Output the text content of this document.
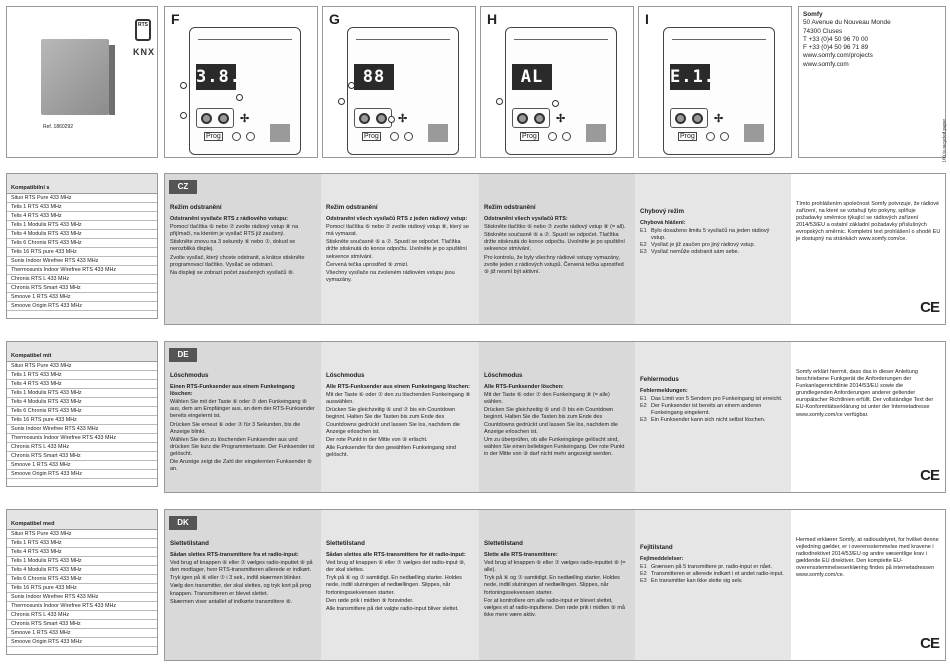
RTS
KNX
Ref. 1860292
F
3.8.
✢
Prog
G
88
✢
Prog
H
AL
✢
Prog
I
E.1.
✢
Prog
Somfy
50 Avenue du Nouveau Monde
74300 Cluses
T +33 (0)4 50 96 70 00
F +33 (0)4 50 96 71 89
www.somfy.com/projects
www.somfy.com
100 % recycled paper
Kompatibilní s
Situo RTS Pure 433 MHz
Telis 1 RTS 433 MHz
Telis 4 RTS 433 MHz
Telis 1 Modulis RTS 433 MHz
Telis 4 Modulis RTS 433 MHz
Telis 6 Chronis RTS 433 MHz
Telis 16 RTS pure 433 MHz
Sunis Indoor Wirefree RTS 433 MHz
Thermosunis Indoor Wirefree RTS 433 MHz
Chronis RTS L 433 MHz
Chronis RTS Smart 433 MHz
Smoove 1 RTS 433 MHz
Smoove Origin RTS 433 MHz
Kompatibel mit
Situo RTS Pure 433 MHz
Telis 1 RTS 433 MHz
Telis 4 RTS 433 MHz
Telis 1 Modulis RTS 433 MHz
Telis 4 Modulis RTS 433 MHz
Telis 6 Chronis RTS 433 MHz
Telis 16 RTS pure 433 MHz
Sunis Indoor Wirefree RTS 433 MHz
Thermosunis Indoor Wirefree RTS 433 MHz
Chronis RTS L 433 MHz
Chronis RTS Smart 433 MHz
Smoove 1 RTS 433 MHz
Smoove Origin RTS 433 MHz
Kompatibel med
Situo RTS Pure 433 MHz
Telis 1 RTS 433 MHz
Telis 4 RTS 433 MHz
Telis 1 Modulis RTS 433 MHz
Telis 4 Modulis RTS 433 MHz
Telis 6 Chronis RTS 433 MHz
Telis 16 RTS pure 433 MHz
Sunis Indoor Wirefree RTS 433 MHz
Thermosunis Indoor Wirefree RTS 433 MHz
Chronis RTS L 433 MHz
Chronis RTS Smart 433 MHz
Smoove 1 RTS 433 MHz
Smoove Origin RTS 433 MHz
Režim odstranění
Odstranění vysílače RTS z rádiového vstupu:

Pomocí tlačítka ⑥ nebo ⑦ zvolte rádiový vstup ⑧ na přijímači, na kterém je vysílač RTS již zaučený.

Stiskněte znovu na 3 sekundy ⑥ nebo ⑦, dokud se nerozbliká displej.

Zvolte vysílač, který chcete odstranit, a krátce stiskněte programovací tlačítko. Vysílač se odstraní.

Na displeji se zobrazí počet zaučených vysílačů ⑧.

Režim odstranění
Odstranění všech vysílačů RTS z jeden rádiový vstup:

Pomocí tlačítka ⑥ nebo ⑦ zvolte rádiový vstup ⑧, který se má vymazat.

Stiskněte současně ⑥ a ⑦. Spustí se odpočet. Tlačítka držte stisknutá do konce odpočtu. Uvolněte je po spuštění sekvence stmívání.

Červená tečka uprostřed ⑨ zmizí.

Všechny vysílače na zvoleném rádiovém vstupu jsou vymazány.

Režim odstranění
Odstranění všech vysílačů RTS:

Stiskněte tlačítko ⑥ nebo ⑦ zvolte rádiový vstup ⑧ (= all).

Stiskněte současně ⑥ a ⑦. Spustí se odpočet. Tlačítka držte stisknutá do konce odpočtu. Uvolněte je po spuštění sekvence stmívání.

Pro kontrolu, že byly všechny rádiové vstupy vymazány, zvolte jeden z rádiových vstupů. Červená tečka uprostřed ⑨ již nesmí být aktivní.

Chybový režim
Chybová hlášení:
E1 Bylo dosaženo limitu 5 vysílačů na jeden rádiový vstup.
E2 Vysílač je již zaučen pro jiný rádiový vstup.
E3 Vysílač nemůže odstranit sám sebe.

Tímto prohlášením společnost Somfy potvrzuje, že rádiové zařízení, na které se vztahují tyto pokyny, splňuje požadavky směrnice týkající se rádiových zařízení 2014/53/EU a ostatní základní požadavky příslušných evropských směrnic. Kompletní text prohlášení o shodě EU je dostupný na stránkách www.somfy.com/ce.

CE
CZ
Löschmodus
Einen RTS-Funksender aus einem Funkeingang löschen:

Wählen Sie mit der Taste ⑥ oder ⑦ den Funkeingang ⑧ aus, dem am Empfänger aus, an dem der RTS-Funksender bereits eingelernt ist.

Drücken Sie erneut ⑥ oder ⑦ für 3 Sekunden, bis die Anzeige blinkt.

Wählen Sie den zu löschenden Funksender aus und drücken Sie kurz die Programmiertaste. Der Funksender ist gelöscht.

Die Anzeige zeigt die Zahl der eingelernten Funksender ⑧ an.

Löschmodus
Alle RTS-Funksender aus einem Funkeingang löschen:

Mit der Taste ⑥ oder ⑦ den zu löschenden Funkeingang ⑧ auswählen.

Drücken Sie gleichzeitig ⑥ und ⑦ bis ein Countdown beginnt. Halten Sie die Tasten bis zum Ende des Countdowns gedrückt und lassen Sie los, nachdem die Anzeige erloschen ist.

Der rote Punkt in der Mitte von ⑨ erlischt.

Alle Funksender für den gewählten Funkeingang sind gelöscht.

Löschmodus
Alle RTS-Funksender löschen:

Mit der Taste ⑥ oder ⑦ den Funkeingang ⑧ (= alle) wählen.

Drücken Sie gleichzeitig ⑥ und ⑦ bis ein Countdown beginnt. Halten Sie die Tasten bis zum Ende des Countdowns gedrückt und lassen Sie los, nachdem die Anzeige erloschen ist.

Um zu überprüfen, ob alle Funkeingänge gelöscht sind, wählen Sie einen beliebigen Funkeingang. Der rote Punkt in der Mitte von ⑨ darf nicht mehr angezeigt werden.

Fehlermodus
Fehlermeldungen:
E1 Das Limit von 5 Sendern pro Funkeingang ist erreicht.
E2 Der Funksender ist bereits an einem anderen Funkeingang eingelernt.
E3 Ein Funksender kann sich nicht selbst löschen.

Somfy erklärt hiermit, dass das in dieser Anleitung beschriebene Funkgerät die Anforderungen der Funkanlagenrichtlinie 2014/53/EU sowie die grundlegenden Anforderungen anderer geltender europäischer Richtlinien erfüllt. Der vollständige Text der EU-Konformitätserklärung ist unter der Internetadresse www.somfy.com/ce verfügbar.

CE
DE
Slettetilstand
Sådan slettes RTS-transmittere fra et radio-input:

Ved brug af knappen ⑥ eller ⑦ vælges radio-inputtet ⑧ på den modtager, hvor RTS-transmitteren allerede er indkørt.

Tryk igen på ⑥ eller ⑦ i 3 sek., indtil skærmen blinker.

Vælg den transmitter, der skal slettes, og tryk kort på prog knappen. Transmitteren er blevet slettet.

Skærmen viser antallet af indkørte transmittere ⑧.

Slettetilstand
Sådan slettes alle RTS-transmittere for ét radio-input:

Ved brug af knappen ⑥ eller ⑦ vælges det radio-input ⑧, der skal slettes.

Tryk på ⑥ og ⑦ samtidigt. En nedtælling starter. Holdes nede, indtil slutningen af nedtællingen. Slippes, når fortoningssekvensen starter.

Den røde prik i midten ⑨ forsvinder.

Alle transmittere på det valgte radio-input bliver slettet.

Slettetilstand
Slette alle RTS-transmittere:

Ved brug af knappen ⑥ eller ⑦ vælges radio-inputtet ⑧ (= alle).

Tryk på ⑥ og ⑦ samtidigt. En nedtælling starter. Holdes nede, indtil slutningen af nedtællingen. Slippes, når fortoningssekvensen starter.

For at kontrollere om alle radio-input er blevet slettet, vælges et af radio-inputtene. Den røde prik i midten ⑨ må ikke mere være aktiv.

Fejltilstand
Fejlmeddelelser:
E1 Grænsen på 5 transmittere pr. radio-input er nået.
E2 Transmitteren er allerede indkørt i et andet radio-input.
E3 En transmitter kan ikke slette sig selv.

Hermed erklærer Somfy, at radioudstyret, for hvilket denne vejledning gælder, er i overensstemmelse med kravene i radiodirektivet 2014/53/EU og andre væsentlige krav i gældende EU direktiver. Den komplette EU-overensstemmelseserklæring findes på internetadressen www.somfy.com/ce.

CE
DK
